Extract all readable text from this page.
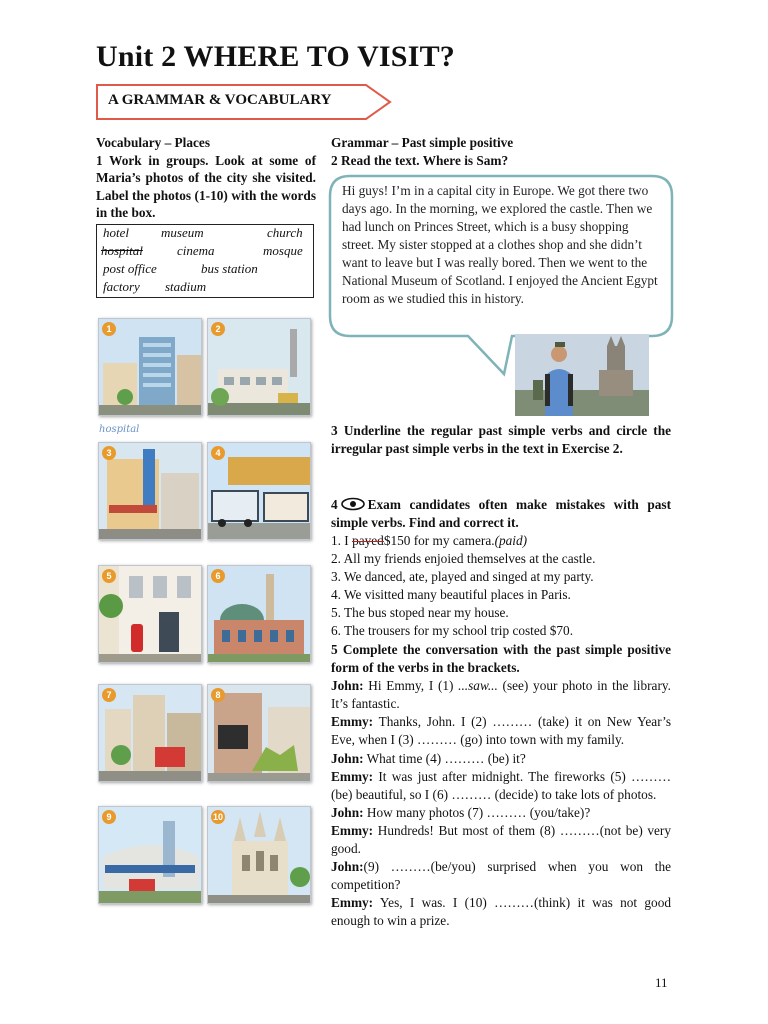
Unit 2 WHERE TO VISIT?
A GRAMMAR & VOCABULARY
Vocabulary – Places
1 Work in groups. Look at some of Maria’s photos of the city she visited. Label the photos (1-10) with the words in the box.
hotel museum	church
hospital	cinema	mosque
post office	bus station
factory stadium
1	2
hospital
3	4
5	6
7	8
9	10
Grammar – Past simple positive
2 Read the text. Where is Sam?
Hi guys! I’m in a capital city in Europe. We got there two days ago. In the morning, we explored the castle. Then we had lunch on Princes Street, which is a busy shopping street. My sister stopped at a clothes shop and she didn’t want to leave but I was really bored. Then we went to the National Museum of Scotland. I enjoyed the Ancient Egypt room as we studied this in history.
3 Underline the regular past simple verbs and circle the irregular past simple verbs in the text in Exercise 2.
4 Exam candidates often make mistakes with past simple verbs. Find and correct it.
1. I payed$150 for my camera.(paid)
2. All my friends enjoied themselves at the castle.
3. We danced, ate, played and singed at my party.
4. We visitted many beautiful places in Paris.
5. The bus stoped near my house.
6. The trousers for my school trip costed $70.

5 Complete the conversation with the past simple positive form of the verbs in the brackets.

John: Hi Emmy, I (1) ...saw... (see) your photo in the library. It’s fantastic.

Emmy: Thanks, John. I (2) ……… (take) it on New Year’s Eve, when I (3) ……… (go) into town with my family.

John: What time (4) ……… (be) it?

Emmy: It was just after midnight. The fireworks (5) ……… (be) beautiful, so I (6) ……… (decide) to take lots of photos.

John: How many photos (7) ……… (you/take)?

Emmy: Hundreds! But most of them (8) ………(not be) very good.

John:(9) ………(be/you) surprised when you won the competition?

Emmy: Yes, I was. I (10) ………(think) it was not good enough to win a prize.

11
